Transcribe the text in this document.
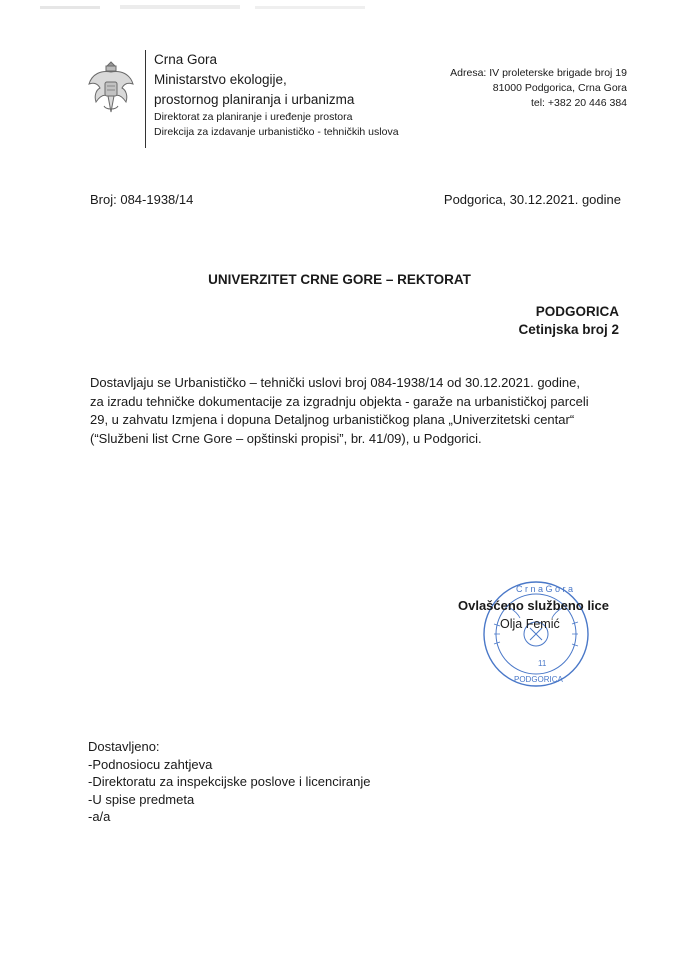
Crna Gora
Ministarstvo ekologije,
prostornog planiranja i urbanizma
Direktorat za planiranje i uređenje prostora
Direkcija za izdavanje urbanističko - tehničkih uslova
Adresa: IV proleterske brigade broj 19
81000 Podgorica, Crna Gora
tel: +382 20 446 384
Broj: 084-1938/14	Podgorica, 30.12.2021. godine
UNIVERZITET CRNE GORE – REKTORAT
PODGORICA
Cetinjska broj 2
Dostavljaju se Urbanističko – tehnički uslovi broj 084-1938/14 od 30.12.2021. godine,
za izradu tehničke dokumentacije za izgradnju objekta - garaže na urbanističkoj parceli
29, u zahvatu Izmjena i dopuna Detaljnog urbanističkog plana „Univerzitetski centar“
(“Službeni list Crne Gore – opštinski propisi”, br. 41/09), u Podgorici.
C r n a G o r a
11
PODGORICA
Ovlašćeno službeno lice
Olja Femić
Dostavljeno:
-Podnosiocu zahtjeva
-Direktoratu za inspekcijske poslove i licenciranje
-U spise predmeta
-a/a
